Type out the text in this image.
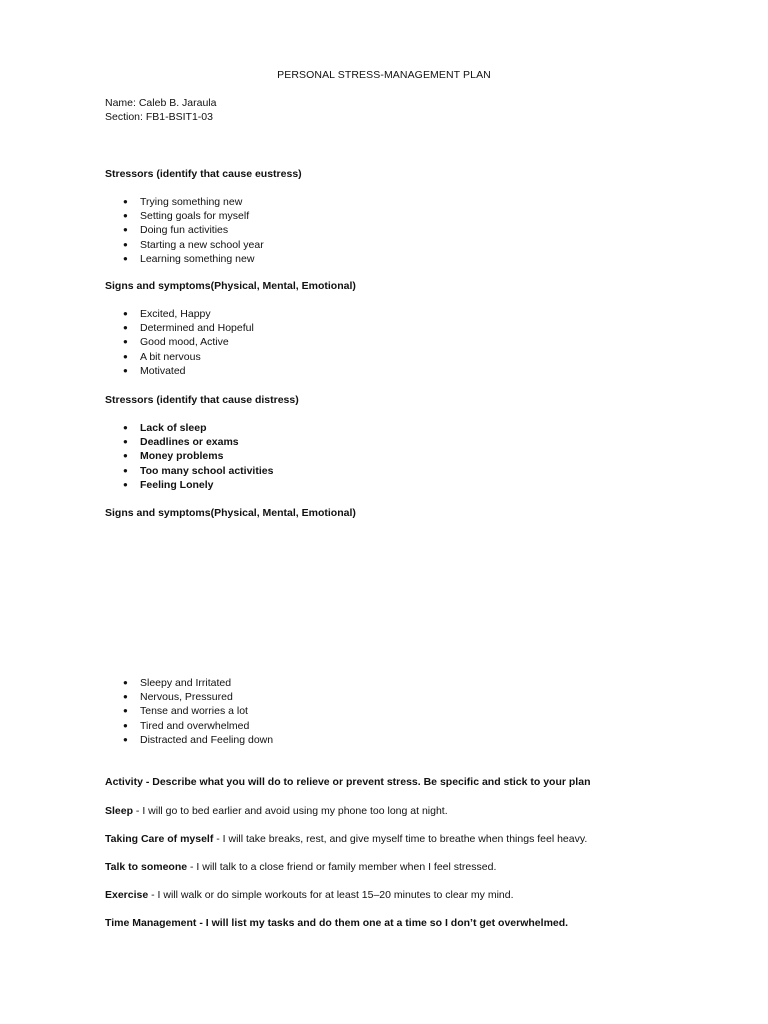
PERSONAL STRESS-MANAGEMENT PLAN
Name: Caleb B. Jaraula
Section: FB1-BSIT1-03
Stressors (identify that cause eustress)
● Trying something new
● Setting goals for myself
● Doing fun activities
● Starting a new school year
● Learning something new
Signs and symptoms(Physical, Mental, Emotional)
● Excited, Happy
● Determined and Hopeful
● Good mood, Active
● A bit nervous
● Motivated
Stressors (identify that cause distress)
● Lack of sleep
● Deadlines or exams
● Money problems
● Too many school activities
● Feeling Lonely
Signs and symptoms(Physical, Mental, Emotional)
● Sleepy and Irritated
● Nervous, Pressured
● Tense and worries a lot
● Tired and overwhelmed
● Distracted and Feeling down
Activity - Describe what you will do to relieve or prevent stress. Be specific and stick to your plan
Sleep - I will go to bed earlier and avoid using my phone too long at night.
Taking Care of myself - I will take breaks, rest, and give myself time to breathe when things feel heavy.
Talk to someone - I will talk to a close friend or family member when I feel stressed.
Exercise - I will walk or do simple workouts for at least 15–20 minutes to clear my mind.
Time Management - I will list my tasks and do them one at a time so I don’t get overwhelmed.
